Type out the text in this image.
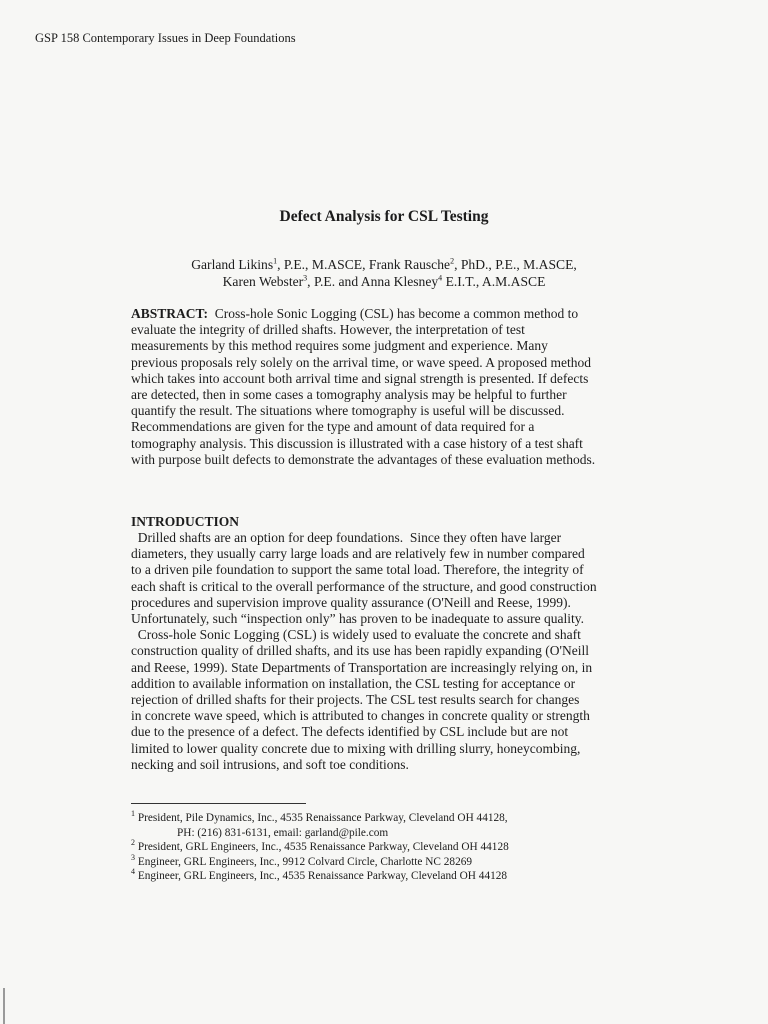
GSP 158 Contemporary Issues in Deep Foundations
Defect Analysis for CSL Testing
Garland Likins$^1$, P.E., M.ASCE, Frank Rausche$^2$, PhD., P.E., M.ASCE,
Karen Webster$^3$, P.E. and Anna Klesney$^4$ E.I.T., A.M.ASCE
ABSTRACT:  Cross-hole Sonic Logging (CSL) has become a common method to
evaluate the integrity of drilled shafts. However, the interpretation of test
measurements by this method requires some judgment and experience. Many
previous proposals rely solely on the arrival time, or wave speed. A proposed method
which takes into account both arrival time and signal strength is presented. If defects
are detected, then in some cases a tomography analysis may be helpful to further
quantify the result. The situations where tomography is useful will be discussed.
Recommendations are given for the type and amount of data required for a
tomography analysis. This discussion is illustrated with a case history of a test shaft
with purpose built defects to demonstrate the advantages of these evaluation methods.
INTRODUCTION
Drilled shafts are an option for deep foundations.  Since they often have larger
diameters, they usually carry large loads and are relatively few in number compared
to a driven pile foundation to support the same total load. Therefore, the integrity of
each shaft is critical to the overall performance of the structure, and good construction
procedures and supervision improve quality assurance (O'Neill and Reese, 1999).
Unfortunately, such “inspection only” has proven to be inadequate to assure quality.
Cross-hole Sonic Logging (CSL) is widely used to evaluate the concrete and shaft
construction quality of drilled shafts, and its use has been rapidly expanding (O'Neill
and Reese, 1999). State Departments of Transportation are increasingly relying on, in
addition to available information on installation, the CSL testing for acceptance or
rejection of drilled shafts for their projects. The CSL test results search for changes
in concrete wave speed, which is attributed to changes in concrete quality or strength
due to the presence of a defect. The defects identified by CSL include but are not
limited to lower quality concrete due to mixing with drilling slurry, honeycombing,
necking and soil intrusions, and soft toe conditions.
$^1$ President, Pile Dynamics, Inc., 4535 Renaissance Parkway, Cleveland OH 44128,
PH: (216) 831-6131, email: garland@pile.com
$^2$ President, GRL Engineers, Inc., 4535 Renaissance Parkway, Cleveland OH 44128
$^3$ Engineer, GRL Engineers, Inc., 9912 Colvard Circle, Charlotte NC 28269
$^4$ Engineer, GRL Engineers, Inc., 4535 Renaissance Parkway, Cleveland OH 44128
